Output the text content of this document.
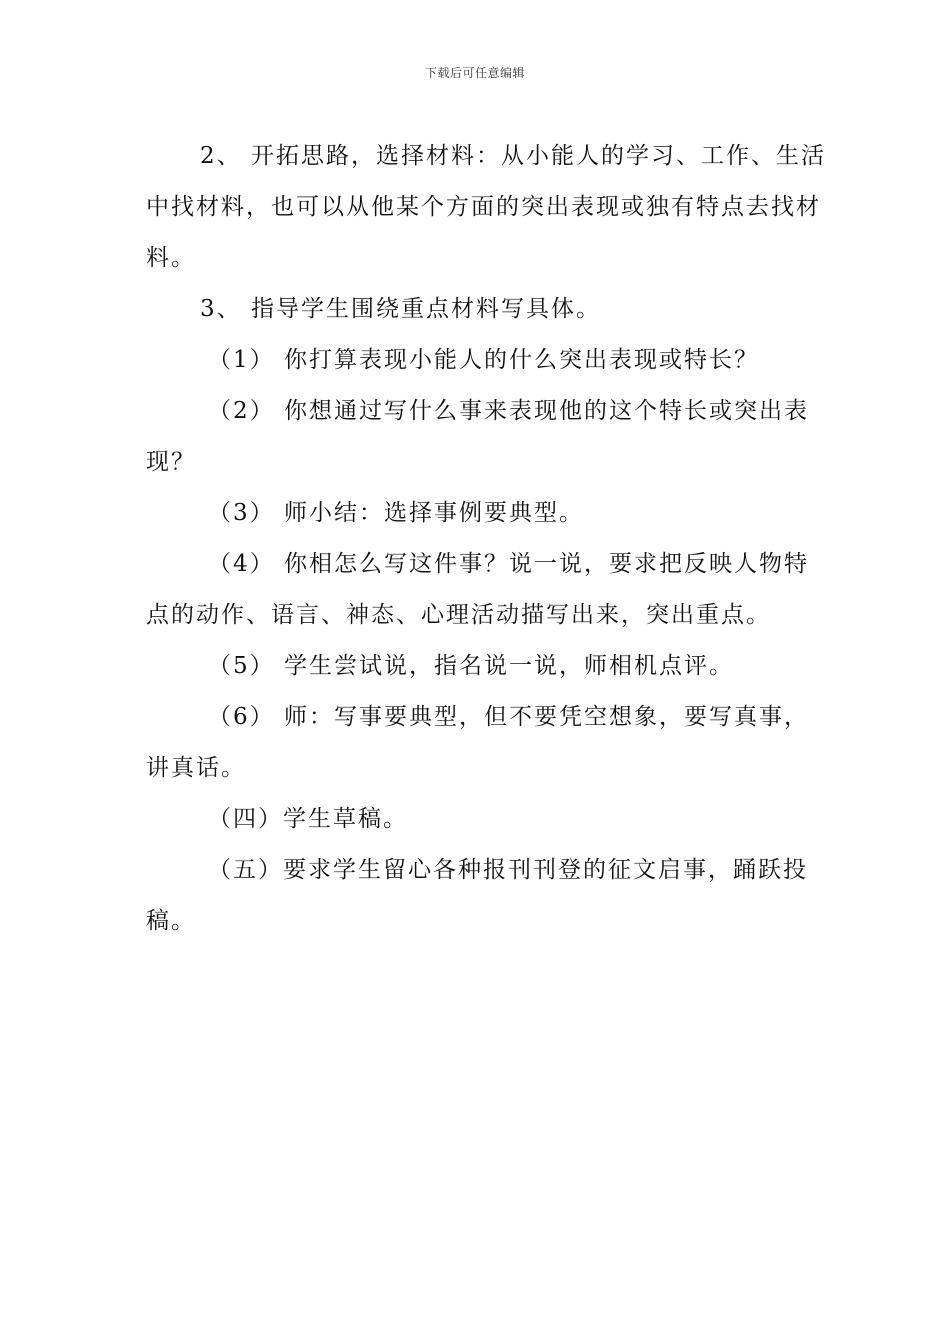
下载后可任意编辑

2、 开拓思路，选择材料：从小能人的学习、工作、生活中找材料，也可以从他某个方面的突出表现或独有特点去找材料。

3、 指导学生围绕重点材料写具体。

（1） 你打算表现小能人的什么突出表现或特长？

（2） 你想通过写什么事来表现他的这个特长或突出表现？

（3） 师小结：选择事例要典型。

（4） 你相怎么写这件事？说一说，要求把反映人物特点的动作、语言、神态、心理活动描写出来，突出重点。

（5） 学生尝试说，指名说一说，师相机点评。

（6） 师：写事要典型，但不要凭空想象，要写真事，讲真话。

（四）学生草稿。

（五）要求学生留心各种报刊刊登的征文启事，踊跃投稿。
